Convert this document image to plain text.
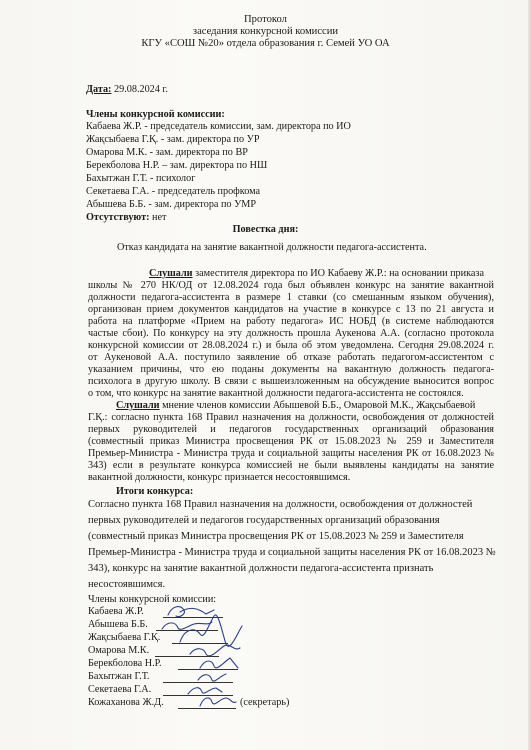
Протокол
заседания конкурсной комиссии
КГУ «СОШ №20» отдела образования г. Семей УО ОА
Дата: 29.08.2024 г.
Члены конкурсной комиссии:
Кабаева Ж.Р. - председатель комиссии, зам. директора по ИО
Жақсыбаева Г.Қ. - зам. директора по УР
Омарова М.К. - зам. директора по ВР
Берекболова Н.Р. – зам. директора по НШ
Бахытжан Г.Т. - психолог
Секетаева Г.А. - председатель профкома
Абышева Б.Б. - зам. директора по УМР
Отсутствуют: нет
Повестка дня:
Отказ кандидата на занятие вакантной должности педагога-ассистента.
Слушали заместителя директора по ИО Кабаеву Ж.Р.: на основании приказа
школы № 270 НК/ОД от 12.08.2024 года был объявлен конкурс на занятие вакантной
должности педагога-ассистента в размере 1 ставки (со смешанным языком обучения),
организован прием документов кандидатов на участие в конкурсе с 13 по 21 августа и
работа на платформе «Прием на работу педагога» ИС НОБД (в системе наблюдаются
частые сбои). По конкурсу на эту должность прошла Аукенова А.А. (согласно протокола
конкурсной комиссии от 28.08.2024 г.) и была об этом уведомлена. Сегодня 29.08.2024 г.
от Аукеновой А.А. поступило заявление об отказе работать педагогом-ассистентом с
указанием причины, что ею поданы документы на вакантную должность педагога-
психолога в другую школу. В связи с вышеизложенным на обсуждение выносится вопрос
о том, что конкурс на занятие вакантной должности педагога-ассистента не состоялся.
Слушали мнение членов комиссии Абышевой Б.Б., Омаровой М.К., Жақсыбаевой
Г.Қ.: согласно пункта 168 Правил назначения на должности, освобождения от должностей
первых руководителей и педагогов государственных организаций образования
(совместный приказ Министра просвещения РК от 15.08.2023 № 259 и Заместителя
Премьер-Министра - Министра труда и социальной защиты населения РК от 16.08.2023 №
343) если в результате конкурса комиссией не были выявлены кандидаты на занятие
вакантной должности, конкурс признается несостоявшимся.
Итоги конкурса:
Согласно пункта 168 Правил назначения на должности, освобождения от должностей
первых руководителей и педагогов государственных организаций образования
(совместный приказ Министра просвещения РК от 15.08.2023 № 259 и Заместителя
Премьер-Министра - Министра труда и социальной защиты населения РК от 16.08.2023 №
343), конкурс на занятие вакантной должности педагога-ассистента признать
несостоявшимся.
Члены конкурсной комиссии:
Кабаева Ж.Р.
Абышева Б.Б.
Жақсыбаева Г.Қ.
Омарова М.К.
Берекболова Н.Р.
Бахытжан Г.Т.
Секетаева Г.А.
Кожаханова Ж.Д.	(секретарь)
